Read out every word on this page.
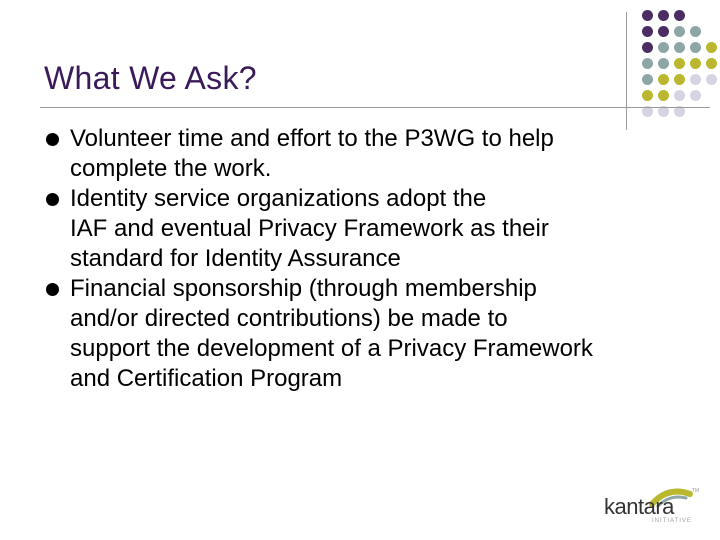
What We Ask?
Volunteer time and effort to the P3WG to help
complete the work.
Identity service organizations adopt the
IAF and eventual Privacy Framework as their
standard for Identity Assurance
Financial sponsorship (through membership
and/or directed contributions) be made to
support the development of a Privacy Framework
and Certification Program
TM
kantara
INITIATIVE
